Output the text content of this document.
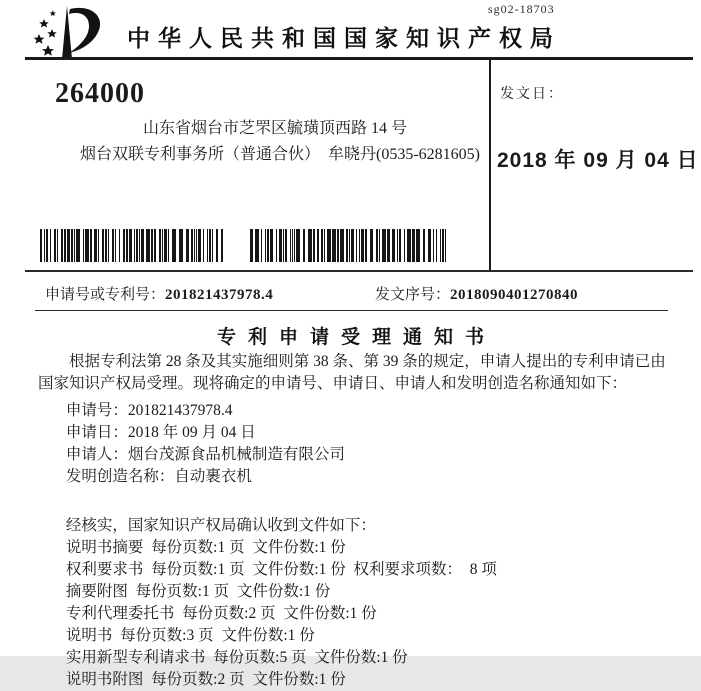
sg02-18703
中华人民共和国国家知识产权局
264000
山东省烟台市芝罘区毓璜顶西路 14 号
烟台双联专利事务所（普通合伙）  牟晓丹(0535-6281605)
发文日：
2018 年 09 月 04 日
申请号或专利号：201821437978.4	发文序号：2018090401270840
专利申请受理通知书

根据专利法第 28 条及其实施细则第 38 条、第 39 条的规定，申请人提出的专利申请已由国家知识产权局受理。现将确定的申请号、申请日、申请人和发明创造名称通知如下：

申请号：201821437978.4
申请日：2018 年 09 月 04 日
申请人：烟台茂源食品机械制造有限公司
发明创造名称：自动裹衣机
经核实，国家知识产权局确认收到文件如下：
说明书摘要  每份页数:1 页  文件份数:1 份
权利要求书  每份页数:1 页  文件份数:1 份  权利要求项数：  8 项
摘要附图  每份页数:1 页  文件份数:1 份
专利代理委托书  每份页数:2 页  文件份数:1 份
说明书  每份页数:3 页  文件份数:1 份
实用新型专利请求书  每份页数:5 页  文件份数:1 份
说明书附图  每份页数:2 页  文件份数:1 份
